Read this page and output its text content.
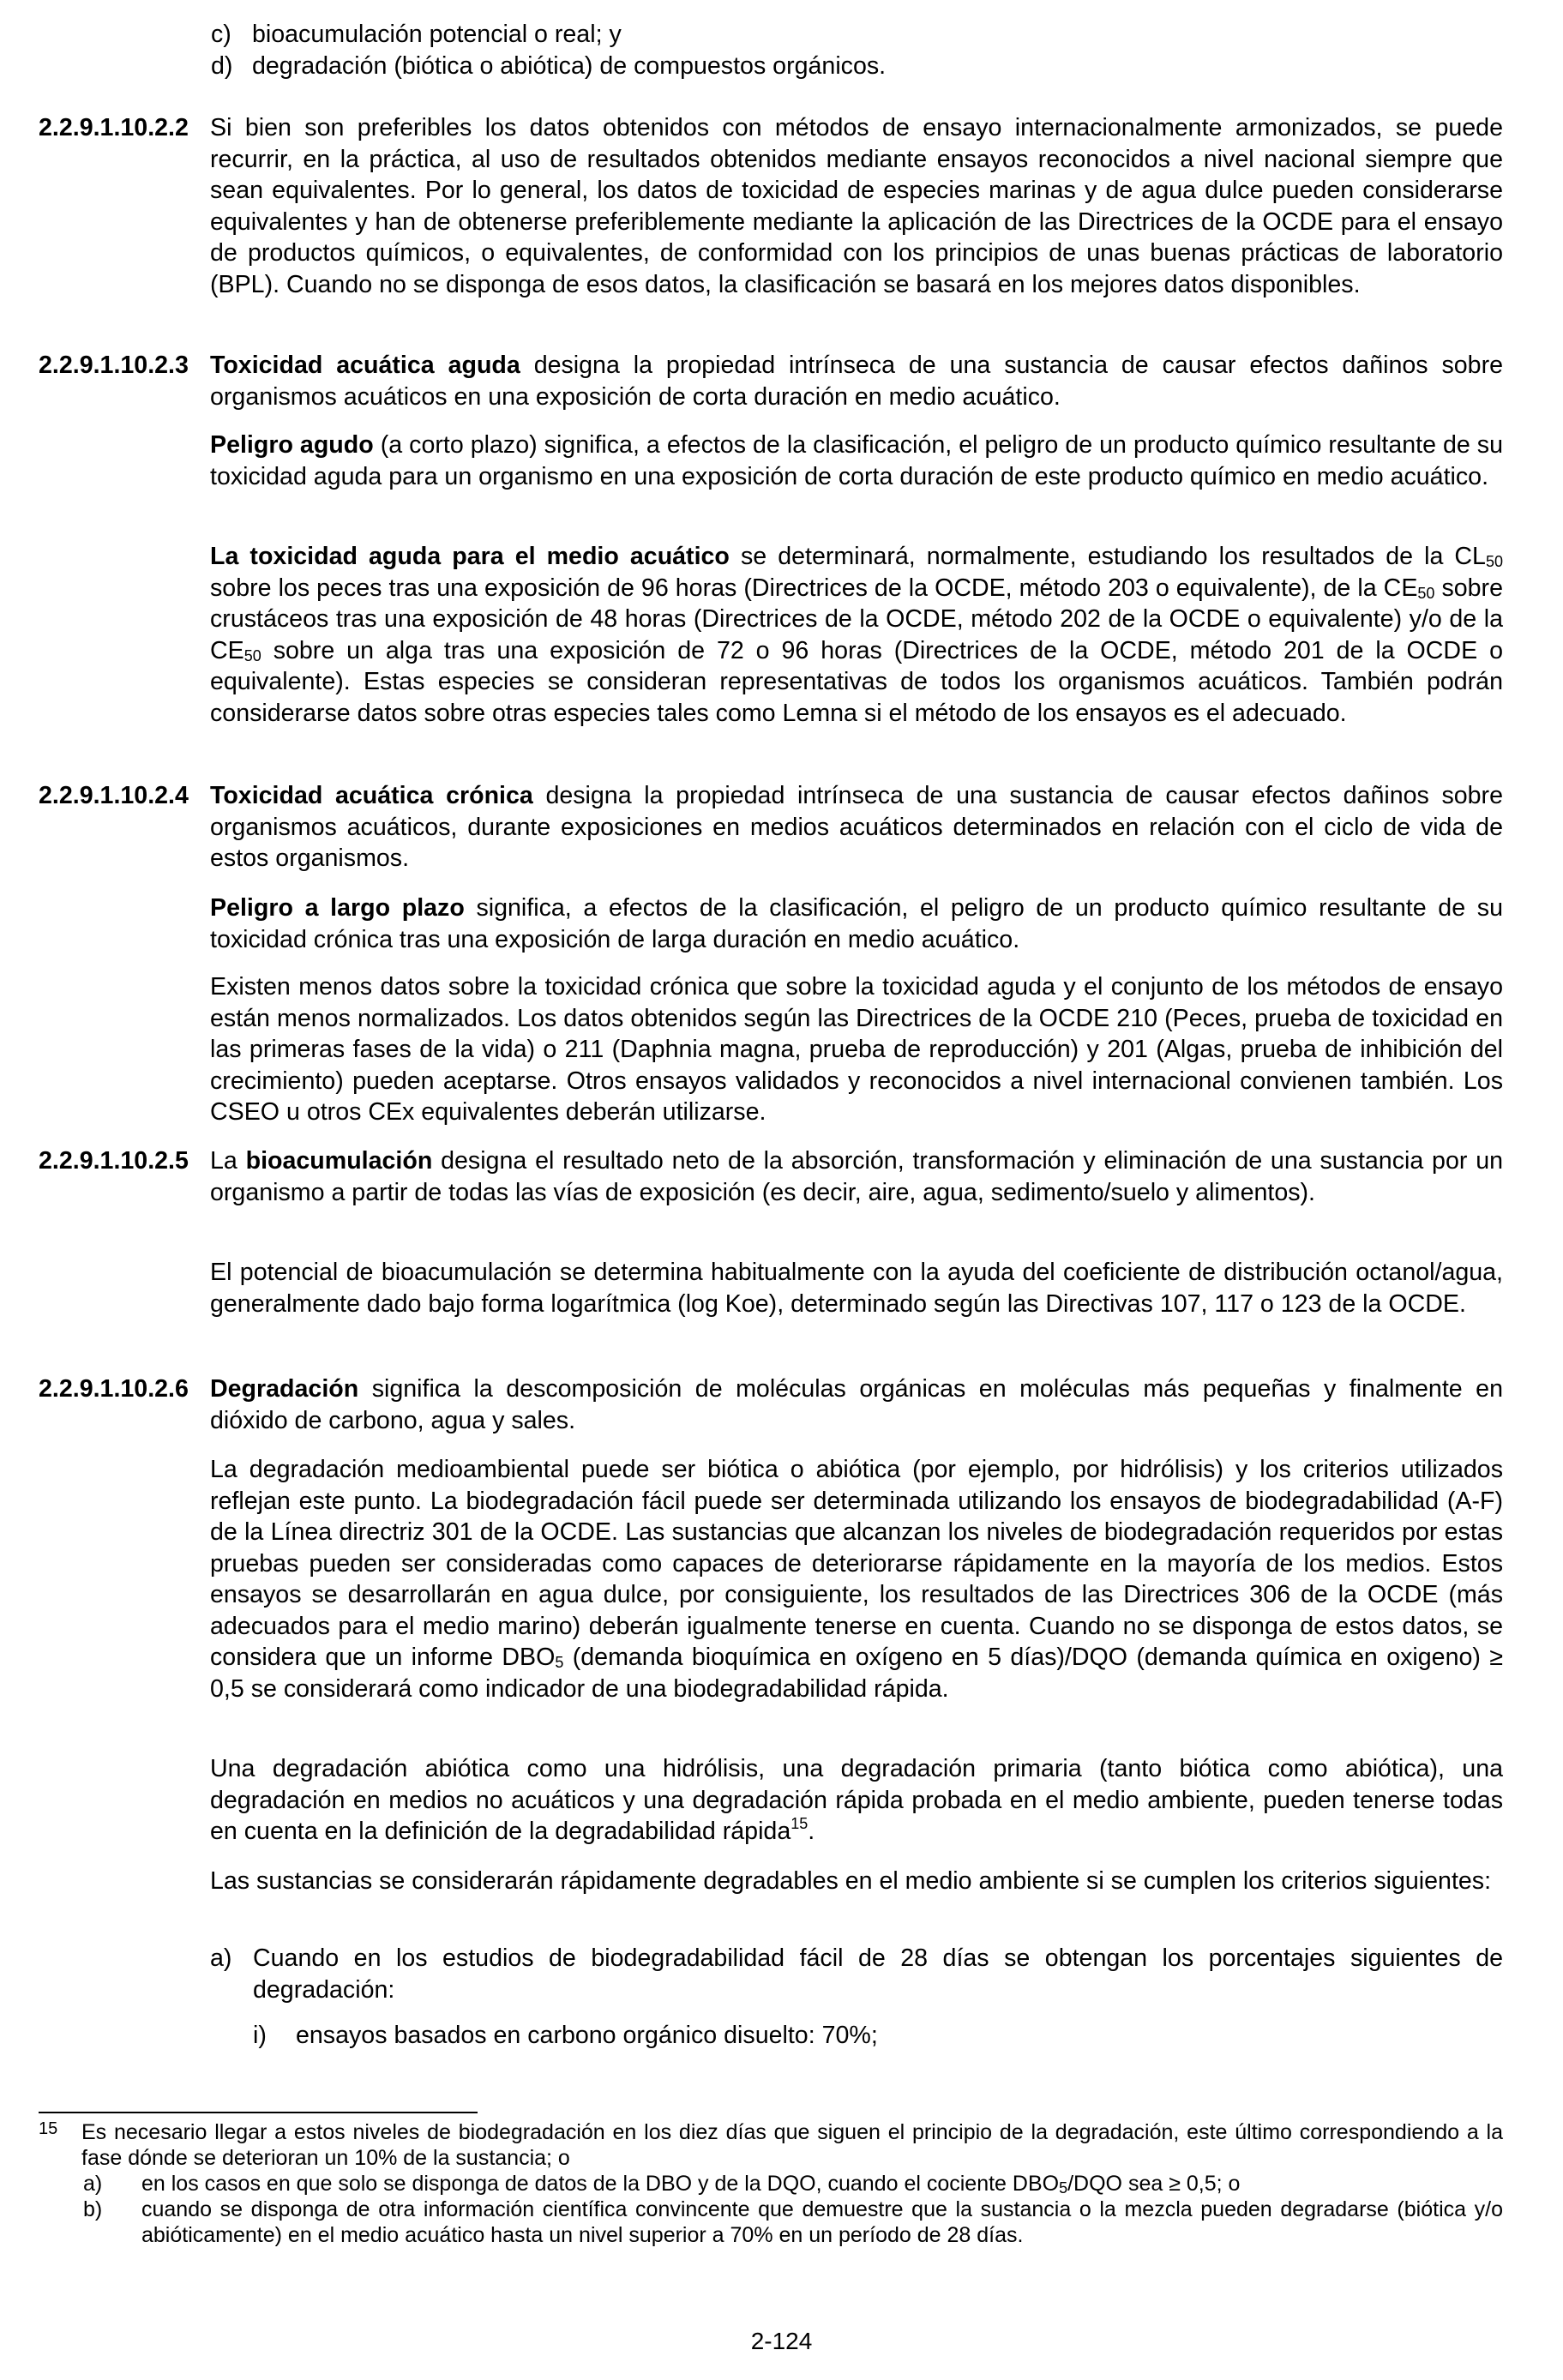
c) bioacumulación potencial o real; y
d) degradación (biótica o abiótica) de compuestos orgánicos.
2.2.9.1.10.2.2 Si bien son preferibles los datos obtenidos con métodos de ensayo internacionalmente armonizados, se puede recurrir, en la práctica, al uso de resultados obtenidos mediante ensayos reconocidos a nivel nacional siempre que sean equivalentes. Por lo general, los datos de toxicidad de especies marinas y de agua dulce pueden considerarse equivalentes y han de obtenerse preferiblemente mediante la aplicación de las Directrices de la OCDE para el ensayo de productos químicos, o equivalentes, de conformidad con los principios de unas buenas prácticas de laboratorio (BPL). Cuando no se disponga de esos datos, la clasificación se basará en los mejores datos disponibles.

2.2.9.1.10.2.3 Toxicidad acuática aguda designa la propiedad intrínseca de una sustancia de causar efectos dañinos sobre organismos acuáticos en una exposición de corta duración en medio acuático.

Peligro agudo (a corto plazo) significa, a efectos de la clasificación, el peligro de un producto químico resultante de su toxicidad aguda para un organismo en una exposición de corta duración de este producto químico en medio acuático.
La toxicidad aguda para el medio acuático se determinará, normalmente, estudiando los resultados de la $CL_{50}$ sobre los peces tras una exposición de 96 horas (Directrices de la OCDE, método 203 o equivalente), de la $CE_{50}$ sobre crustáceos tras una exposición de 48 horas (Directrices de la OCDE, método 202 de la OCDE o equivalente) y/o de la $CE_{50}$ sobre un alga tras una exposición de 72 o 96 horas (Directrices de la OCDE, método 201 de la OCDE o equivalente). Estas especies se consideran representativas de todos los organismos acuáticos. También podrán considerarse datos sobre otras especies tales como Lemna si el método de los ensayos es el adecuado.
2.2.9.1.10.2.4 Toxicidad acuática crónica designa la propiedad intrínseca de una sustancia de causar efectos dañinos sobre organismos acuáticos, durante exposiciones en medios acuáticos determinados en relación con el ciclo de vida de estos organismos.

Peligro a largo plazo significa, a efectos de la clasificación, el peligro de un producto químico resultante de su toxicidad crónica tras una exposición de larga duración en medio acuático.
Existen menos datos sobre la toxicidad crónica que sobre la toxicidad aguda y el conjunto de los métodos de ensayo están menos normalizados. Los datos obtenidos según las Directrices de la OCDE 210 (Peces, prueba de toxicidad en las primeras fases de la vida) o 211 (Daphnia magna, prueba de reproducción) y 201 (Algas, prueba de inhibición del crecimiento) pueden aceptarse. Otros ensayos validados y reconocidos a nivel internacional convienen también. Los CSEO u otros CEx equivalentes deberán utilizarse.
2.2.9.1.10.2.5 La bioacumulación designa el resultado neto de la absorción, transformación y eliminación de una sustancia por un organismo a partir de todas las vías de exposición (es decir, aire, agua, sedimento/suelo y alimentos).

El potencial de bioacumulación se determina habitualmente con la ayuda del coeficiente de distribución octanol/agua, generalmente dado bajo forma logarítmica (log Koe), determinado según las Directivas 107, 117 o 123 de la OCDE.
2.2.9.1.10.2.6 Degradación significa la descomposición de moléculas orgánicas en moléculas más pequeñas y finalmente en dióxido de carbono, agua y sales.

La degradación medioambiental puede ser biótica o abiótica (por ejemplo, por hidrólisis) y los criterios utilizados reflejan este punto. La biodegradación fácil puede ser determinada utilizando los ensayos de biodegradabilidad (A-F) de la Línea directriz 301 de la OCDE. Las sustancias que alcanzan los niveles de biodegradación requeridos por estas pruebas pueden ser consideradas como capaces de deteriorarse rápidamente en la mayoría de los medios. Estos ensayos se desarrollarán en agua dulce, por consiguiente, los resultados de las Directrices 306 de la OCDE (más adecuados para el medio marino) deberán igualmente tenerse en cuenta. Cuando no se disponga de estos datos, se considera que un informe $DBO_5$ (demanda bioquímica en oxígeno en 5 días)/DQO (demanda química en oxigeno) ≥ 0,5 se considerará como indicador de una biodegradabilidad rápida.
Una degradación abiótica como una hidrólisis, una degradación primaria (tanto biótica como abiótica), una degradación en medios no acuáticos y una degradación rápida probada en el medio ambiente, pueden tenerse todas en cuenta en la definición de la degradabilidad rápida$^{15}$.
Las sustancias se considerarán rápidamente degradables en el medio ambiente si se cumplen los criterios siguientes:
a) Cuando en los estudios de biodegradabilidad fácil de 28 días se obtengan los porcentajes siguientes de degradación:
i)	ensayos basados en carbono orgánico disuelto: 70%;
15	Es necesario llegar a estos niveles de biodegradación en los diez días que siguen el principio de la degradación, este último correspondiendo a la fase dónde se deterioran un 10% de la sustancia; o
a)	en los casos en que solo se disponga de datos de la DBO y de la DQO, cuando el cociente $DBO_5$/DQO sea ≥ 0,5; o
b)	cuando se disponga de otra información científica convincente que demuestre que la sustancia o la mezcla pueden degradarse (biótica y/o abióticamente) en el medio acuático hasta un nivel superior a 70% en un período de 28 días.
2-124
